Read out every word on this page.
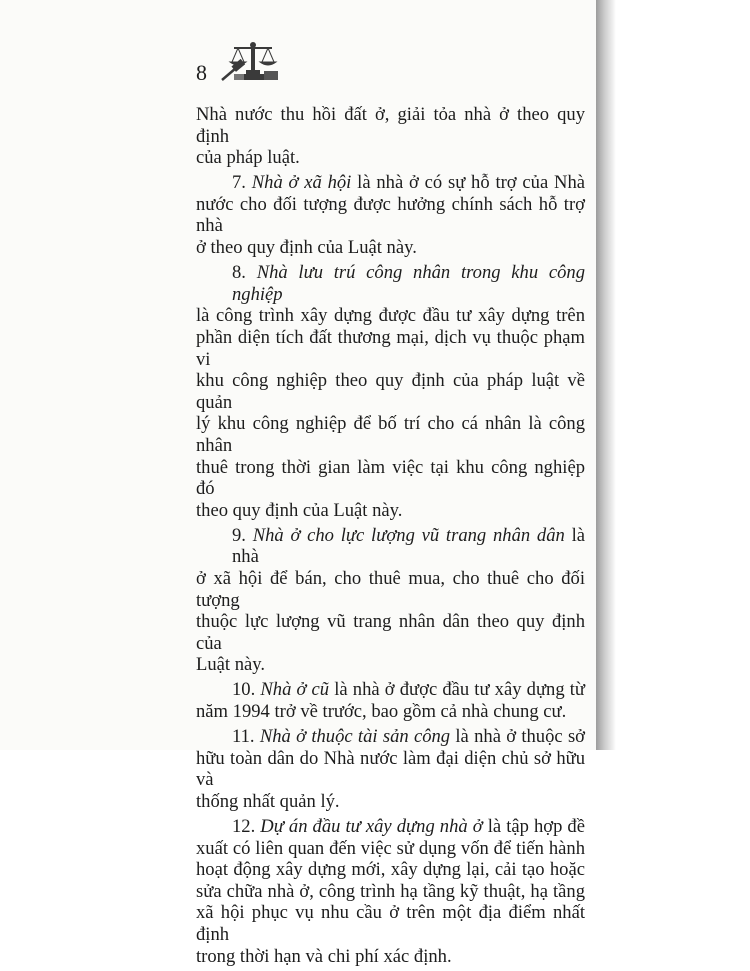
8
Nhà nước thu hồi đất ở, giải tỏa nhà ở theo quy định
của pháp luật.
7. Nhà ở xã hội là nhà ở có sự hỗ trợ của Nhà
nước cho đối tượng được hưởng chính sách hỗ trợ nhà
ở theo quy định của Luật này.
8. Nhà lưu trú công nhân trong khu công nghiệp
là công trình xây dựng được đầu tư xây dựng trên
phần diện tích đất thương mại, dịch vụ thuộc phạm vi
khu công nghiệp theo quy định của pháp luật về quản
lý khu công nghiệp để bố trí cho cá nhân là công nhân
thuê trong thời gian làm việc tại khu công nghiệp đó
theo quy định của Luật này.
9. Nhà ở cho lực lượng vũ trang nhân dân là nhà
ở xã hội để bán, cho thuê mua, cho thuê cho đối tượng
thuộc lực lượng vũ trang nhân dân theo quy định của
Luật này.
10. Nhà ở cũ là nhà ở được đầu tư xây dựng từ
năm 1994 trở về trước, bao gồm cả nhà chung cư.
11. Nhà ở thuộc tài sản công là nhà ở thuộc sở
hữu toàn dân do Nhà nước làm đại diện chủ sở hữu và
thống nhất quản lý.
12. Dự án đầu tư xây dựng nhà ở là tập hợp đề
xuất có liên quan đến việc sử dụng vốn để tiến hành
hoạt động xây dựng mới, xây dựng lại, cải tạo hoặc
sửa chữa nhà ở, công trình hạ tầng kỹ thuật, hạ tầng
xã hội phục vụ nhu cầu ở trên một địa điểm nhất định
trong thời hạn và chi phí xác định.
